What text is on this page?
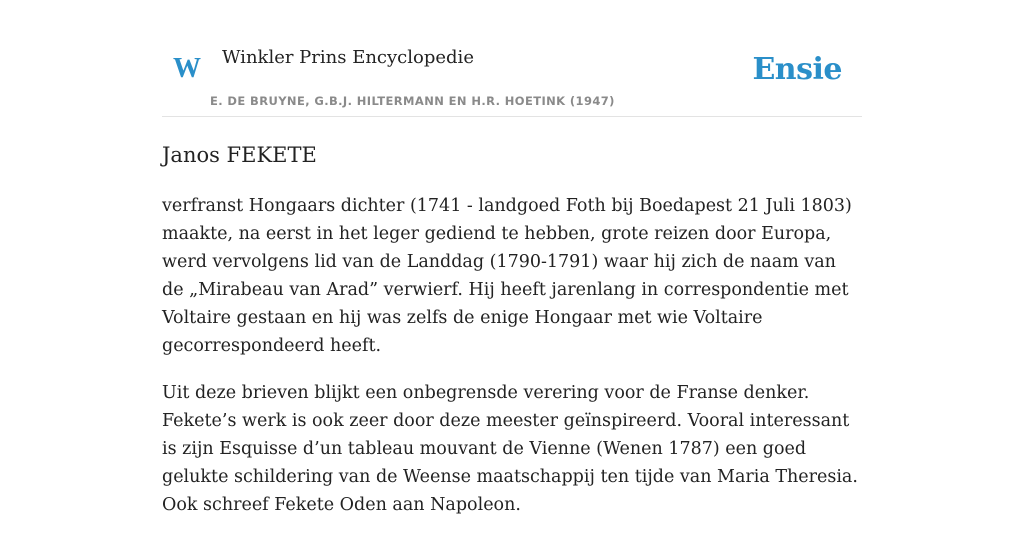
W Winkler Prins Encyclopedie
E. DE BRUYNE, G.B.J. HILTERMANN EN H.R. HOETINK (1947)
Ensie
Janos FEKETE

verfranst Hongaars dichter (1741 - landgoed Foth bij Boedapest 21 Juli 1803) maakte, na eerst in het leger gediend te hebben, grote reizen door Europa, werd vervolgens lid van de Landdag (1790-1791) waar hij zich de naam van de „Mirabeau van Arad” verwierf. Hij heeft jarenlang in correspondentie met Voltaire gestaan en hij was zelfs de enige Hongaar met wie Voltaire gecorrespondeerd heeft.

Uit deze brieven blijkt een onbegrensde verering voor de Franse denker. Fekete’s werk is ook zeer door deze meester geïnspireerd. Vooral interessant is zijn Esquisse d’un tableau mouvant de Vienne (Wenen 1787) een goed gelukte schildering van de Weense maatschappij ten tijde van Maria Theresia. Ook schreef Fekete Oden aan Napoleon.
